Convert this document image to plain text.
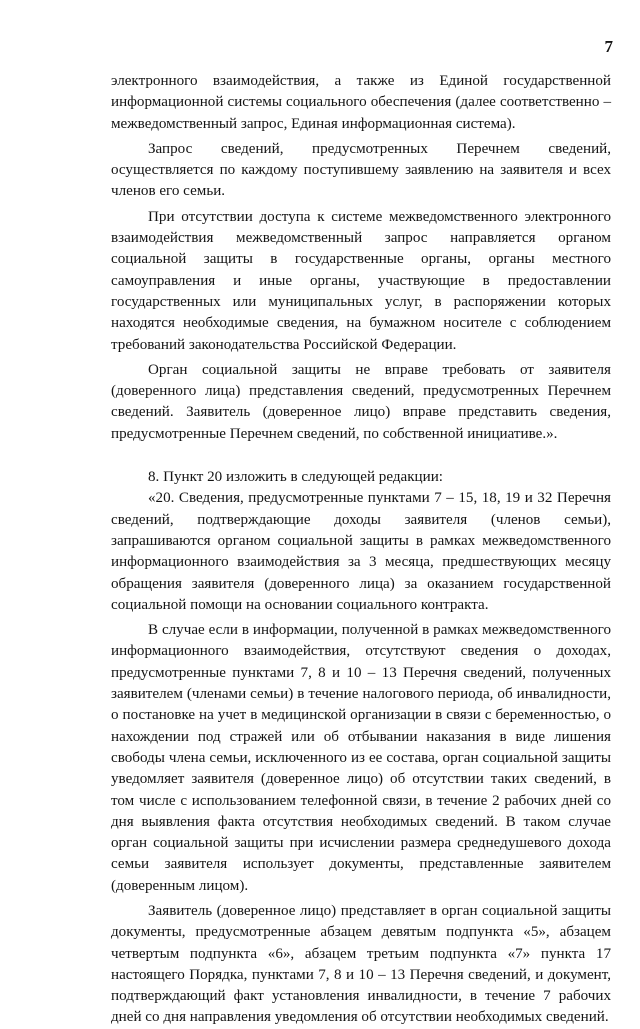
7

электронного взаимодействия, а также из Единой государственной информационной системы социального обеспечения (далее соответственно – межведомственный запрос, Единая информационная система).

Запрос сведений, предусмотренных Перечнем сведений, осуществляется по каждому поступившему заявлению на заявителя и всех членов его семьи.

При отсутствии доступа к системе межведомственного электронного взаимодействия межведомственный запрос направляется органом социальной защиты в государственные органы, органы местного самоуправления и иные органы, участвующие в предоставлении государственных или муниципальных услуг, в распоряжении которых находятся необходимые сведения, на бумажном носителе с соблюдением требований законодательства Российской Федерации.

Орган социальной защиты не вправе требовать от заявителя (доверенного лица) представления сведений, предусмотренных Перечнем сведений. Заявитель (доверенное лицо) вправе представить сведения, предусмотренные Перечнем сведений, по собственной инициативе.».

8. Пункт 20 изложить в следующей редакции:

«20. Сведения, предусмотренные пунктами 7 – 15, 18, 19 и 32 Перечня сведений, подтверждающие доходы заявителя (членов семьи), запрашиваются органом социальной защиты в рамках межведомственного информационного взаимодействия за 3 месяца, предшествующих месяцу обращения заявителя (доверенного лица) за оказанием государственной социальной помощи на основании социального контракта.

В случае если в информации, полученной в рамках межведомственного информационного взаимодействия, отсутствуют сведения о доходах, предусмотренные пунктами 7, 8 и 10 – 13 Перечня сведений, полученных заявителем (членами семьи) в течение налогового периода, об инвалидности, о постановке на учет в медицинской организации в связи с беременностью, о нахождении под стражей или об отбывании наказания в виде лишения свободы члена семьи, исключенного из ее состава, орган социальной защиты уведомляет заявителя (доверенное лицо) об отсутствии таких сведений, в том числе с использованием телефонной связи, в течение 2 рабочих дней со дня выявления факта отсутствия необходимых сведений. В таком случае орган социальной защиты при исчислении размера среднедушевого дохода семьи заявителя использует документы, представленные заявителем (доверенным лицом).

Заявитель (доверенное лицо) представляет в орган социальной защиты документы, предусмотренные абзацем девятым подпункта «5», абзацем четвертым подпункта «6», абзацем третьим подпункта «7» пункта 17 настоящего Порядка, пунктами 7, 8 и 10 – 13 Перечня сведений, и документ, подтверждающий факт установления инвалидности, в течение 7 рабочих дней со дня направления уведомления об отсутствии необходимых сведений.
